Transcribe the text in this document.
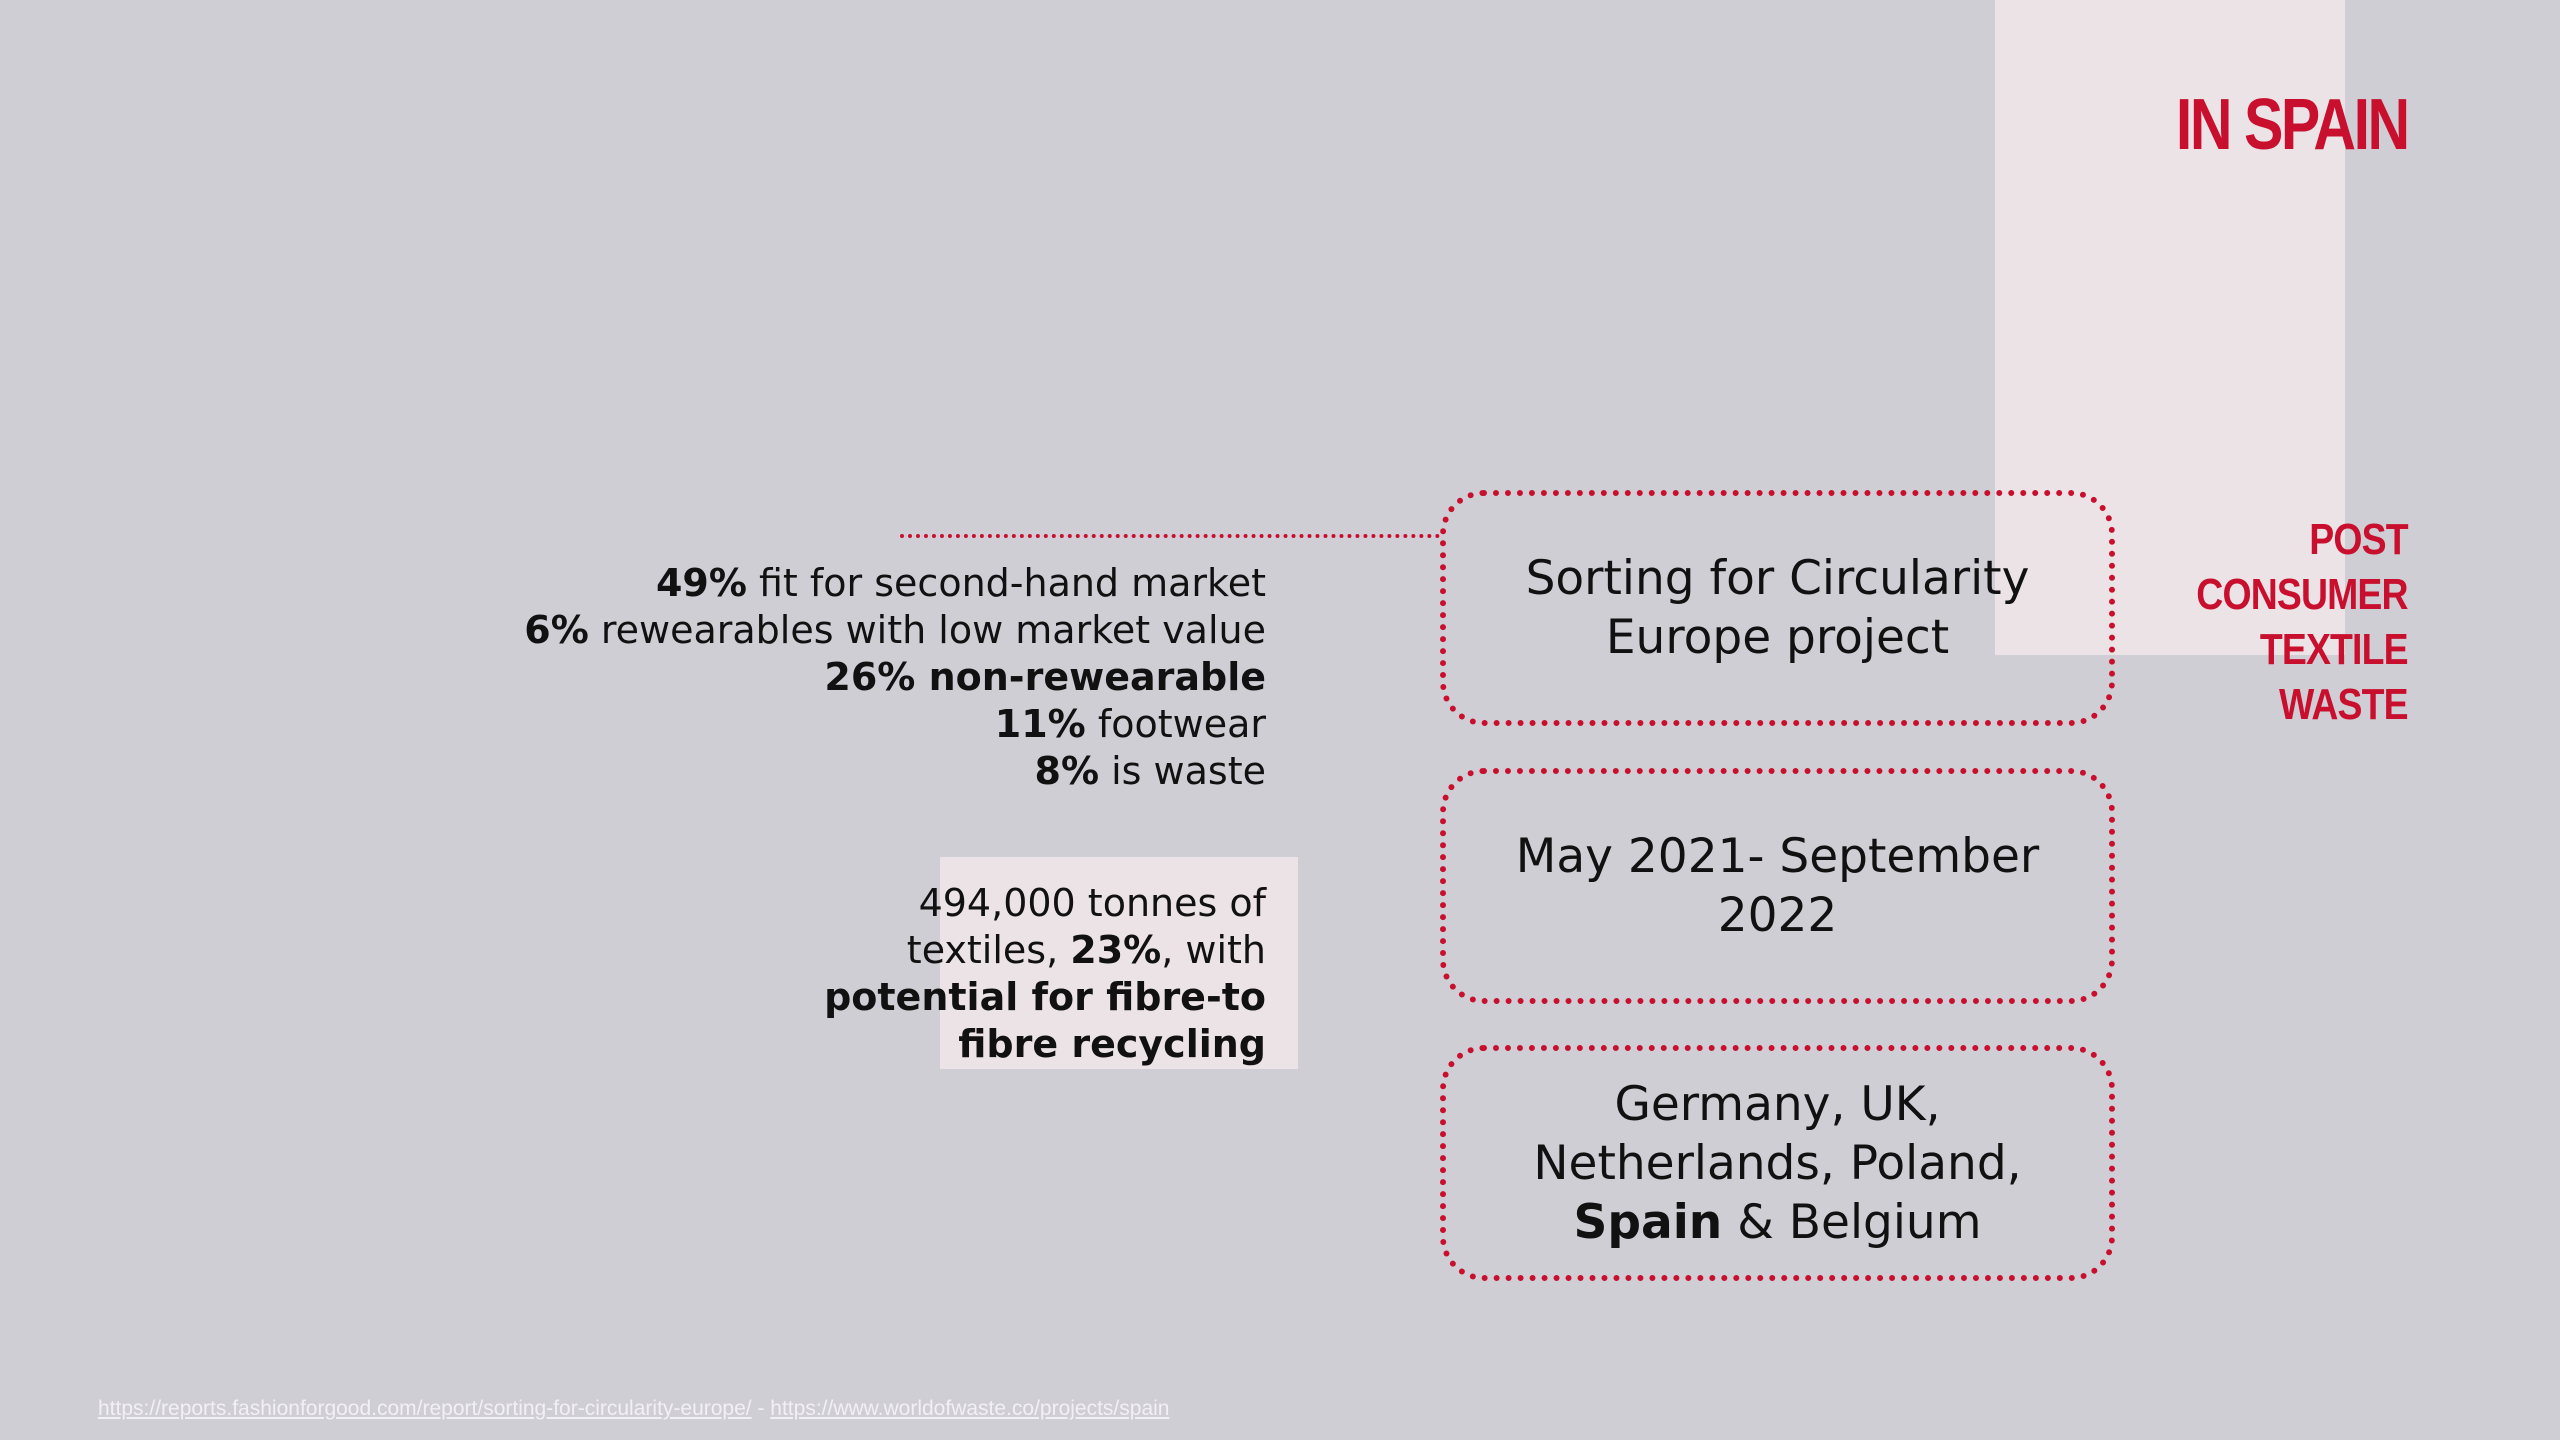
IN SPAIN
POST
CONSUMER
TEXTILE
WASTE
Sorting for Circularity
Europe project
May 2021- September
2022
Germany, UK,
Netherlands, Poland,
Spain & Belgium
49% fit for second-hand market
6% rewearables with low market value
26% non-rewearable
11% footwear
8% is waste
494,000 tonnes of
textiles, 23%, with
potential for fibre-to
fibre recycling
https://reports.fashionforgood.com/report/sorting-for-circularity-europe/ - https://www.worldofwaste.co/projects/spain
